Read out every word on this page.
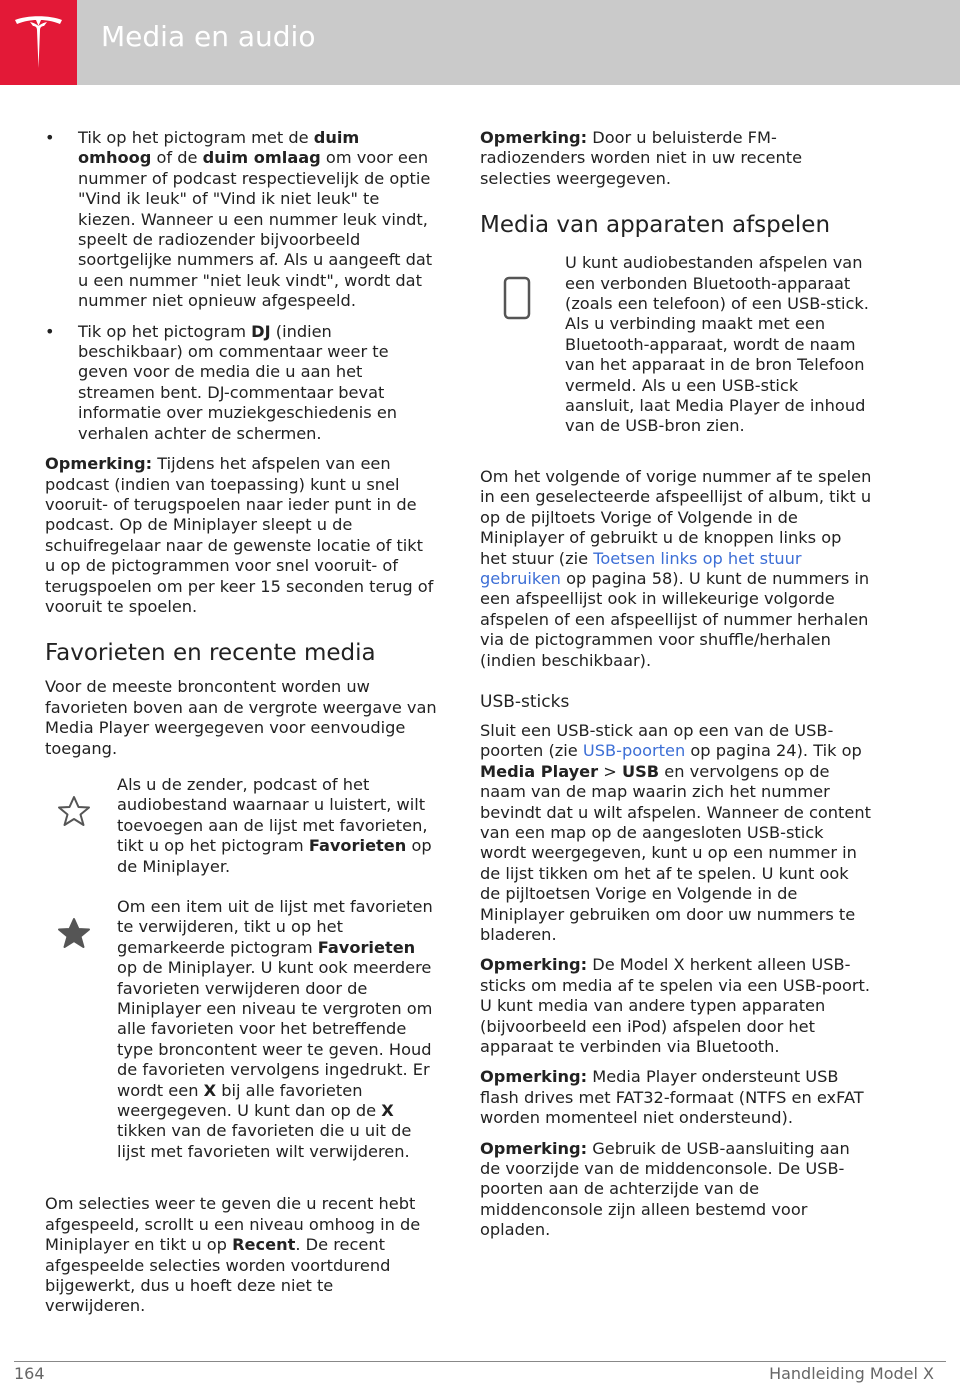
Media en audio
• Tik op het pictogram met de duim omhoog of de duim omlaag om voor een nummer of podcast respectievelijk de optie "Vind ik leuk" of "Vind ik niet leuk" te kiezen. Wanneer u een nummer leuk vindt, speelt de radiozender bijvoorbeeld soortgelijke nummers af. Als u aangeeft dat u een nummer "niet leuk vindt", wordt dat nummer niet opnieuw afgespeeld.
• Tik op het pictogram DJ (indien beschikbaar) om commentaar weer te geven voor de media die u aan het streamen bent. DJ-commentaar bevat informatie over muziekgeschiedenis en verhalen achter de schermen.

Opmerking: Tijdens het afspelen van een podcast (indien van toepassing) kunt u snel vooruit- of terugspoelen naar ieder punt in de podcast. Op de Miniplayer sleept u de schuifregelaar naar de gewenste locatie of tikt u op de pictogrammen voor snel vooruit- of terugspoelen om per keer 15 seconden terug of vooruit te spoelen.

Favorieten en recente media

Voor de meeste broncontent worden uw favorieten boven aan de vergrote weergave van Media Player weergegeven voor eenvoudige toegang.

Als u de zender, podcast of het audiobestand waarnaar u luistert, wilt toevoegen aan de lijst met favorieten, tikt u op het pictogram Favorieten op de Miniplayer.
Om een item uit de lijst met favorieten te verwijderen, tikt u op het gemarkeerde pictogram Favorieten op de Miniplayer. U kunt ook meerdere favorieten verwijderen door de Miniplayer een niveau te vergroten om alle favorieten voor het betreffende type broncontent weer te geven. Houd de favorieten vervolgens ingedrukt. Er wordt een X bij alle favorieten weergegeven. U kunt dan op de X tikken van de favorieten die u uit de lijst met favorieten wilt verwijderen.

Om selecties weer te geven die u recent hebt afgespeeld, scrollt u een niveau omhoog in de Miniplayer en tikt u op Recent. De recent afgespeelde selecties worden voortdurend bijgewerkt, dus u hoeft deze niet te verwijderen.

Opmerking: Door u beluisterde FM-radiozenders worden niet in uw recente selecties weergegeven.

Media van apparaten afspelen
U kunt audiobestanden afspelen van een verbonden Bluetooth-apparaat (zoals een telefoon) of een USB-stick. Als u verbinding maakt met een Bluetooth-apparaat, wordt de naam van het apparaat in de bron Telefoon vermeld. Als u een USB-stick aansluit, laat Media Player de inhoud van de USB-bron zien.

Om het volgende of vorige nummer af te spelen in een geselecteerde afspeellijst of album, tikt u op de pijltoets Vorige of Volgende in de Miniplayer of gebruikt u de knoppen links op het stuur (zie Toetsen links op het stuur gebruiken op pagina 58). U kunt de nummers in een afspeellijst ook in willekeurige volgorde afspelen of een afspeellijst of nummer herhalen via de pictogrammen voor shuffle/herhalen (indien beschikbaar).

USB-sticks

Sluit een USB-stick aan op een van de USB-poorten (zie USB-poorten op pagina 24). Tik op Media Player > USB en vervolgens op de naam van de map waarin zich het nummer bevindt dat u wilt afspelen. Wanneer de content van een map op de aangesloten USB-stick wordt weergegeven, kunt u op een nummer in de lijst tikken om het af te spelen. U kunt ook de pijltoetsen Vorige en Volgende in de Miniplayer gebruiken om door uw nummers te bladeren.

Opmerking: De Model X herkent alleen USB-sticks om media af te spelen via een USB-poort. U kunt media van andere typen apparaten (bijvoorbeeld een iPod) afspelen door het apparaat te verbinden via Bluetooth.

Opmerking: Media Player ondersteunt USB flash drives met FAT32-formaat (NTFS en exFAT worden momenteel niet ondersteund).

Opmerking: Gebruik de USB-aansluiting aan de voorzijde van de middenconsole. De USB-poorten aan de achterzijde van de middenconsole zijn alleen bestemd voor opladen.

164	Handleiding Model X
